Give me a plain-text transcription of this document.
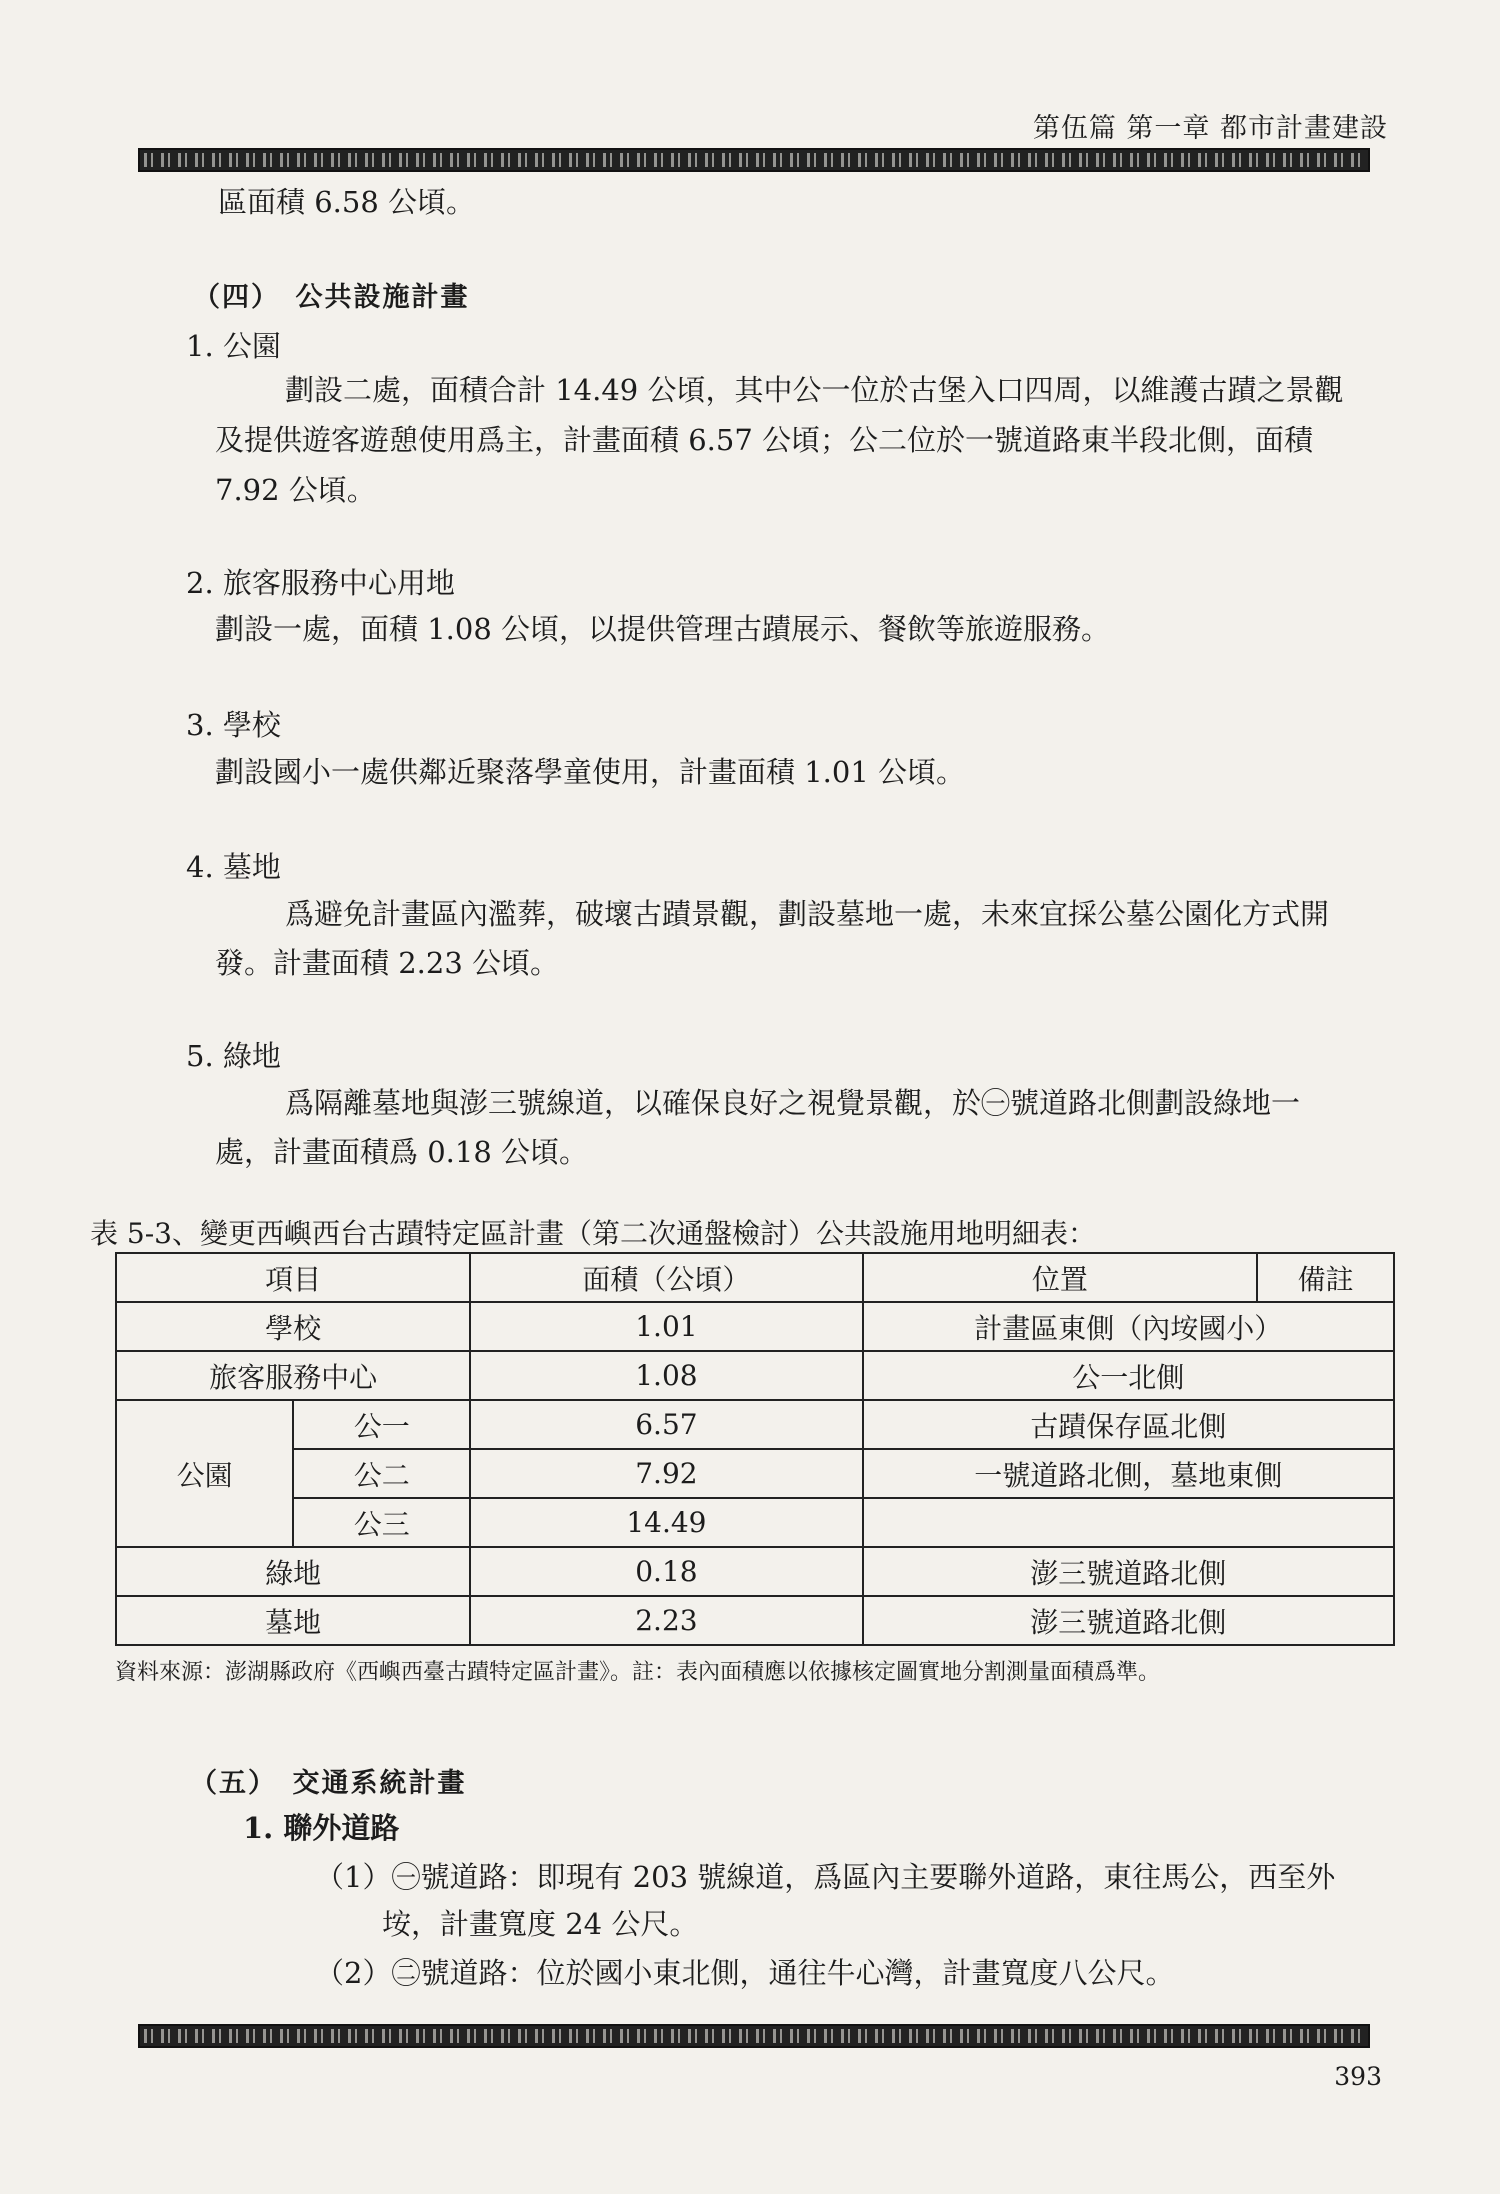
第伍篇 第一章 都市計畫建設
區面積 6.58 公頃。
（四）　公共設施計畫
1. 公園
劃設二處，面積合計 14.49 公頃，其中公一位於古堡入口四周，以維護古蹟之景觀
及提供遊客遊憩使用爲主，計畫面積 6.57 公頃；公二位於一號道路東半段北側，面積
7.92 公頃。
2. 旅客服務中心用地
劃設一處，面積 1.08 公頃，以提供管理古蹟展示、餐飲等旅遊服務。
3. 學校
劃設國小一處供鄰近聚落學童使用，計畫面積 1.01 公頃。
4. 墓地
爲避免計畫區內濫葬，破壞古蹟景觀，劃設墓地一處，未來宜採公墓公園化方式開
發。計畫面積 2.23 公頃。
5. 綠地
爲隔離墓地與澎三號線道，以確保良好之視覺景觀，於㊀號道路北側劃設綠地一
處，計畫面積爲 0.18 公頃。
表 5-3、變更西嶼西台古蹟特定區計畫（第二次通盤檢討）公共設施用地明細表：
項目		面積（公頃）	位置	備註
學校		1.01	計畫區東側（內垵國小）	
旅客服務中心		1.08	公一北側	
公園	公一	6.57	古蹟保存區北側	
	公二	7.92	一號道路北側，墓地東側	
	公三	14.49		
綠地		0.18	澎三號道路北側	
墓地		2.23	澎三號道路北側	
資料來源：澎湖縣政府《西嶼西臺古蹟特定區計畫》。註：表內面積應以依據核定圖實地分割測量面積爲準。
（五）　交通系統計畫
1. 聯外道路
（1）㊀號道路：即現有 203 號線道，爲區內主要聯外道路，東往馬公，西至外
垵，計畫寬度 24 公尺。
（2）㊁號道路：位於國小東北側，通往牛心灣，計畫寬度八公尺。
393
